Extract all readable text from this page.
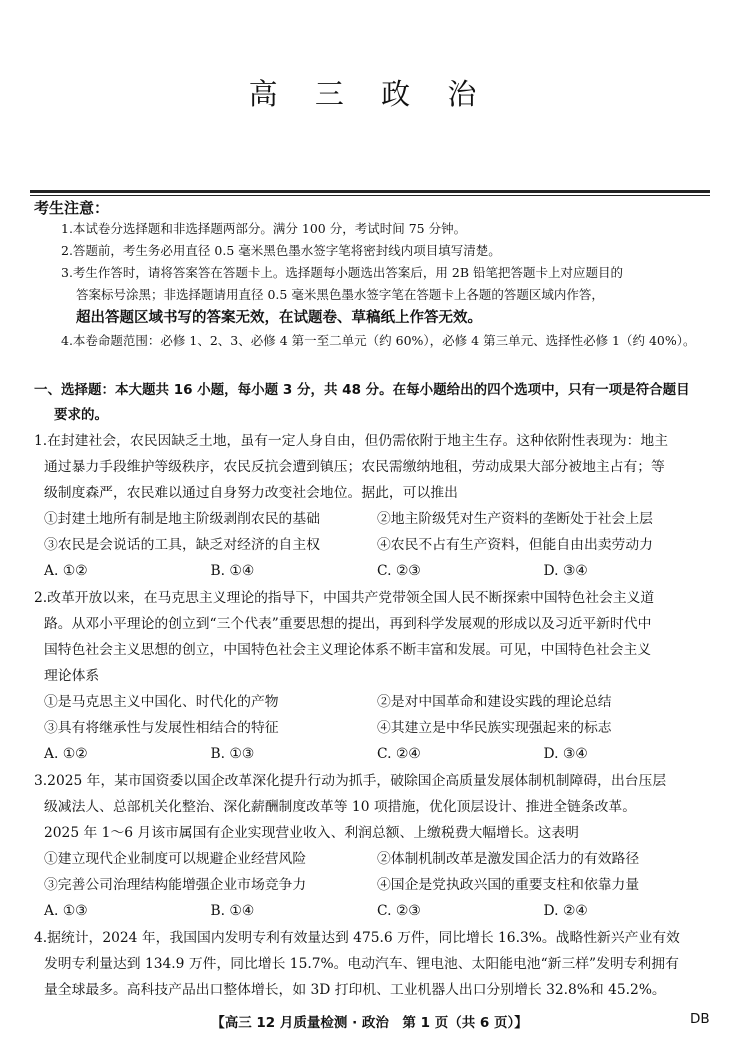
高 三 政 治
考生注意：
1.本试卷分选择题和非选择题两部分。满分 100 分，考试时间 75 分钟。
2.答题前，考生务必用直径 0.5 毫米黑色墨水签字笔将密封线内项目填写清楚。
3.考生作答时，请将答案答在答题卡上。选择题每小题选出答案后，用 2B 铅笔把答题卡上对应题目的
答案标号涂黑；非选择题请用直径 0.5 毫米黑色墨水签字笔在答题卡上各题的答题区域内作答，
超出答题区域书写的答案无效，在试题卷、草稿纸上作答无效。
4.本卷命题范围：必修 1、2、3、必修 4 第一至二单元（约 60%），必修 4 第三单元、选择性必修 1（约 40%）。
一、选择题：本大题共 16 小题，每小题 3 分，共 48 分。在每小题给出的四个选项中，只有一项是符合题目
要求的。
1.在封建社会，农民因缺乏土地，虽有一定人身自由，但仍需依附于地主生存。这种依附性表现为：地主
通过暴力手段维护等级秩序，农民反抗会遭到镇压；农民需缴纳地租，劳动成果大部分被地主占有；等
级制度森严，农民难以通过自身努力改变社会地位。据此，可以推出
①封建土地所有制是地主阶级剥削农民的基础	②地主阶级凭对生产资料的垄断处于社会上层
③农民是会说话的工具，缺乏对经济的自主权	④农民不占有生产资料，但能自由出卖劳动力
A. ①②	B. ①④	C. ②③	D. ③④
2.改革开放以来，在马克思主义理论的指导下，中国共产党带领全国人民不断探索中国特色社会主义道
路。从邓小平理论的创立到“三个代表”重要思想的提出，再到科学发展观的形成以及习近平新时代中
国特色社会主义思想的创立，中国特色社会主义理论体系不断丰富和发展。可见，中国特色社会主义
理论体系
①是马克思主义中国化、时代化的产物	②是对中国革命和建设实践的理论总结
③具有将继承性与发展性相结合的特征	④其建立是中华民族实现强起来的标志
A. ①②	B. ①③	C. ②④	D. ③④
3.2025 年，某市国资委以国企改革深化提升行动为抓手，破除国企高质量发展体制机制障碍，出台压层
级减法人、总部机关化整治、深化薪酬制度改革等 10 项措施，优化顶层设计、推进全链条改革。
2025 年 1～6 月该市属国有企业实现营业收入、利润总额、上缴税费大幅增长。这表明
①建立现代企业制度可以规避企业经营风险	②体制机制改革是激发国企活力的有效路径
③完善公司治理结构能增强企业市场竞争力	④国企是党执政兴国的重要支柱和依靠力量
A. ①③	B. ①④	C. ②③	D. ②④
4.据统计，2024 年，我国国内发明专利有效量达到 475.6 万件，同比增长 16.3%。战略性新兴产业有效
发明专利量达到 134.9 万件，同比增长 15.7%。电动汽车、锂电池、太阳能电池“新三样”发明专利拥有
量全球最多。高科技产品出口整体增长，如 3D 打印机、工业机器人出口分别增长 32.8%和 45.2%。
【高三 12 月质量检测 · 政治　第 1 页（共 6 页）】	DB
